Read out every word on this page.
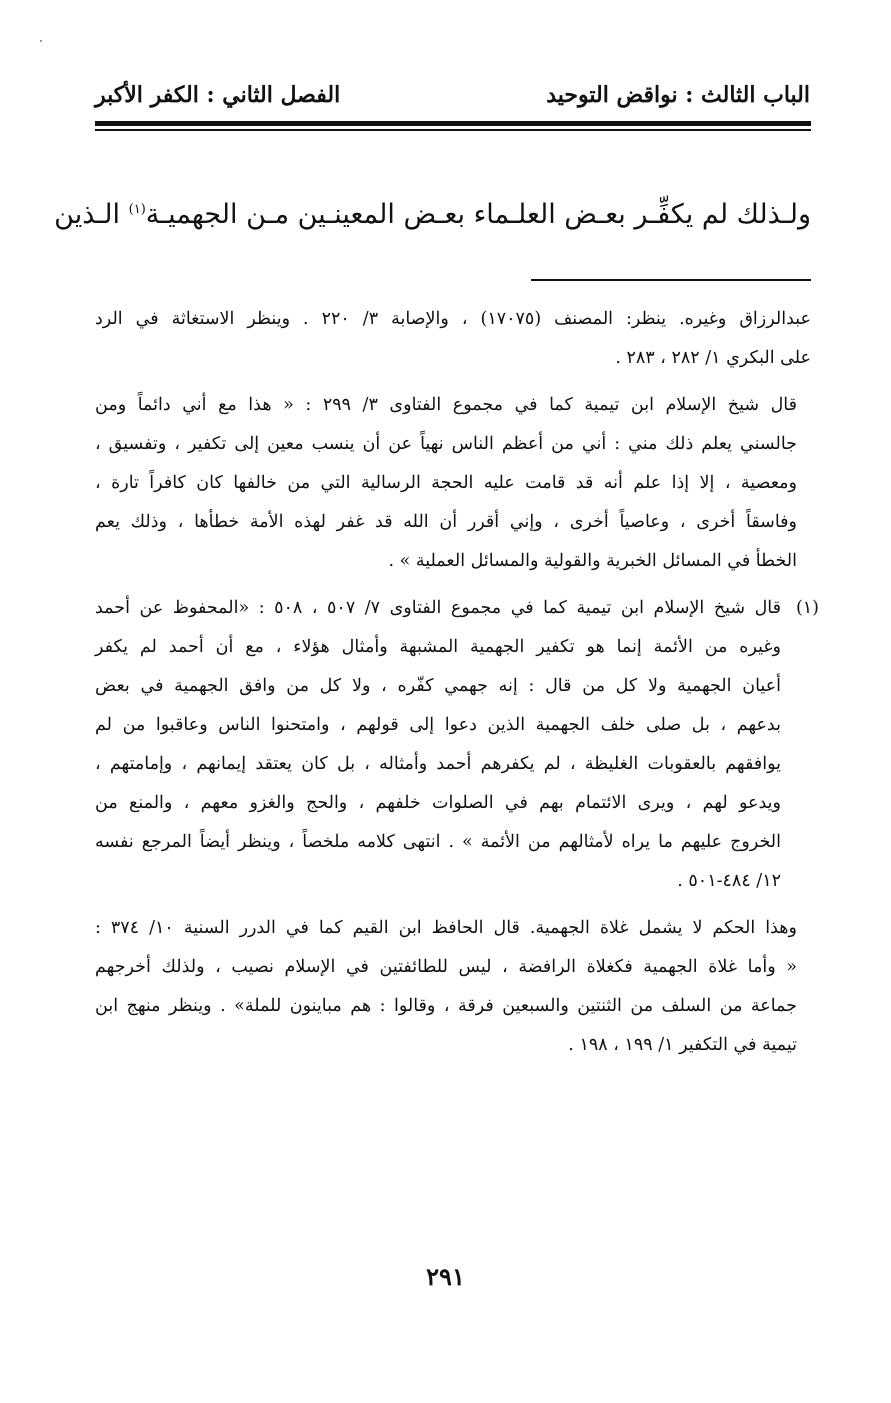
الباب الثالث : نواقض التوحيد
الفصل الثاني : الكفر الأكبر
ولـذلك لم يكفِّـر بعـض العلـماء بعـض المعينـين مـن الجهميـة$^{(١)}$ الـذين
عبدالرزاق وغيره. ينظر: المصنف (١٧٠٧٥) ، والإصابة ٣/ ٢٢٠ . وينظر الاستغاثة في الرد
على البكري ١/ ٢٨٢ ، ٢٨٣ .
قال شيخ الإسلام ابن تيمية كما في مجموع الفتاوى ٣/ ٢٩٩ : « هذا مع أني دائماً ومن
جالسني يعلم ذلك مني : أني من أعظم الناس نهياً عن أن ينسب معين إلى تكفير ، وتفسيق ،
ومعصية ، إلا إذا علم أنه قد قامت عليه الحجة الرسالية التي من خالفها كان كافراً تارة ،
وفاسقاً أخرى ، وعاصياً أخرى ، وإني أقرر أن الله قد غفر لهذه الأمة خطأها ، وذلك يعم
الخطأ في المسائل الخبرية والقولية والمسائل العملية » .
(١)
قال شيخ الإسلام ابن تيمية كما في مجموع الفتاوى ٧/ ٥٠٧ ، ٥٠٨ : «المحفوظ عن أحمد
وغيره من الأئمة إنما هو تكفير الجهمية المشبهة وأمثال هؤلاء ، مع أن أحمد لم يكفر
أعيان الجهمية ولا كل من قال : إنه جهمي كفّره ، ولا كل من وافق الجهمية في بعض
بدعهم ، بل صلى خلف الجهمية الذين دعوا إلى قولهم ، وامتحنوا الناس وعاقبوا من لم
يوافقهم بالعقوبات الغليظة ، لم يكفرهم أحمد وأمثاله ، بل كان يعتقد إيمانهم ، وإمامتهم ،
ويدعو لهم ، ويرى الائتمام بهم في الصلوات خلفهم ، والحج والغزو معهم ، والمنع من
الخروج عليهم ما يراه لأمثالهم من الأئمة » . انتهى كلامه ملخصاً ، وينظر أيضاً المرجع نفسه
١٢/ ٤٨٤-٥٠١ .
وهذا الحكم لا يشمل غلاة الجهمية. قال الحافظ ابن القيم كما في الدرر السنية ١٠/ ٣٧٤ :
« وأما غلاة الجهمية فكغلاة الرافضة ، ليس للطائفتين في الإسلام نصيب ، ولذلك أخرجهم
جماعة من السلف من الثنتين والسبعين فرقة ، وقالوا : هم مباينون للملة» . وينظر منهج ابن
تيمية في التكفير ١/ ١٩٩ ، ١٩٨ .
٢٩١
